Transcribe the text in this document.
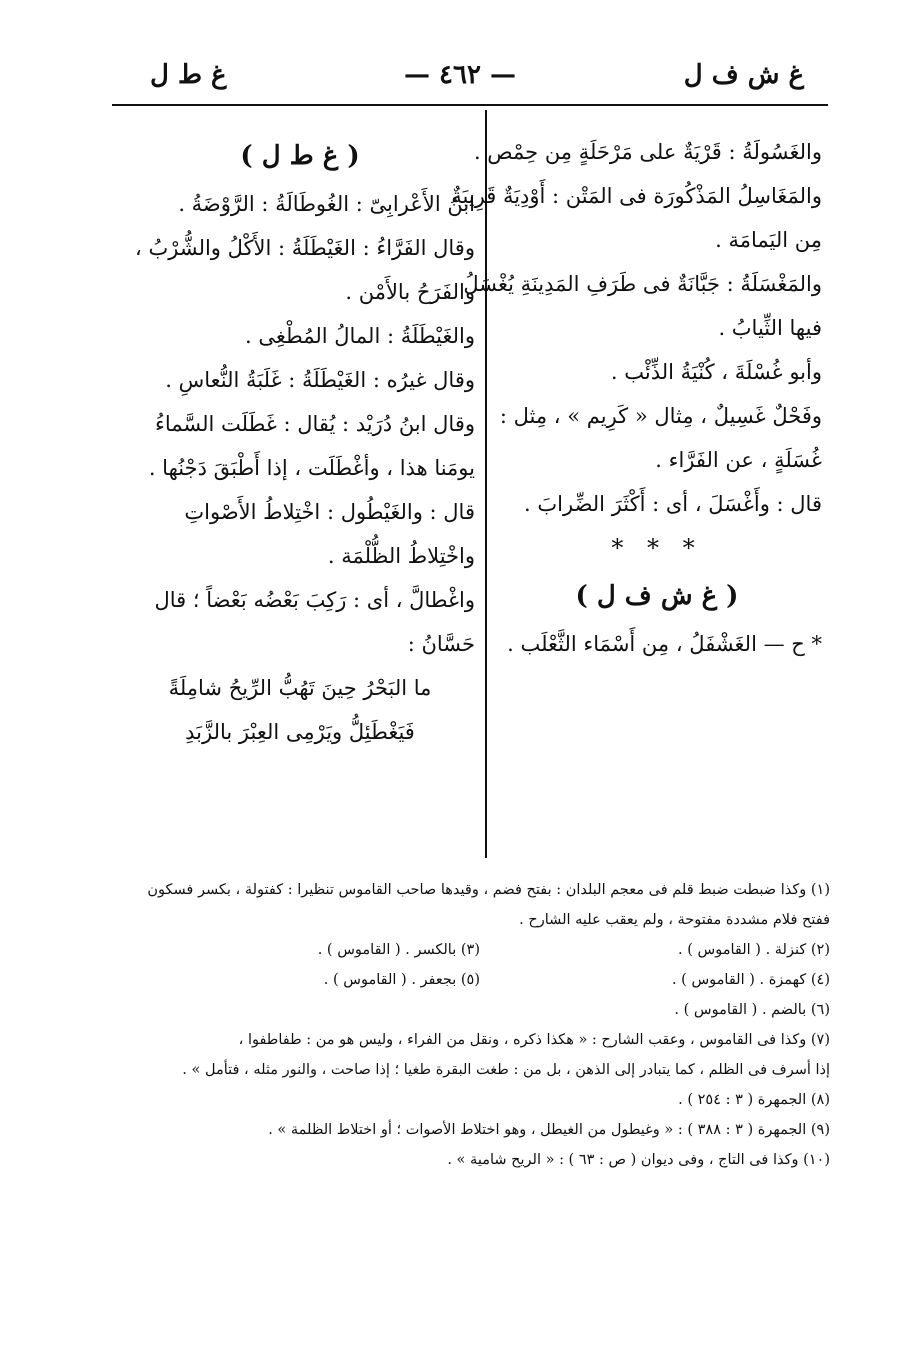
غ ش ف ل
— ٤٦٢ —
غ ط ل
والغَسُولَةُ : قَرْيَةٌ على مَرْحَلَةٍ مِن حِمْص .
والمَغَاسِلُ المَذْكُورَة فى المَتْن : أَوْدِيَةٌ قَرِيبَةٌ
مِن اليَمامَة .
والمَغْسَلَةُ : جَبَّانَةٌ فى طَرَفِ المَدِينَةِ يُغْسَلُ
فيها الثِّيابُ .
وأبو غُسْلَةَ ، كُنْيَةُ الذِّئْب .
وفَحْلٌ غَسِيلٌ ، مِثال « كَرِيم » ، مِثل :
غُسَلَةٍ ، عن الفَرَّاء .
قال : وأَغْسَلَ ، أى : أَكْثَرَ الضِّرابَ .
* * *
( غ ش ف ل )
* ح — الغَشْفَلُ ، مِن أَسْمَاء الثَّعْلَب .
( غ ط ل )
ابنُ الأَعْرابِىّ : الغُوطَالَةُ : الرَّوْضَةُ .
وقال الفَرَّاءُ : الغَيْطَلَةُ : الأَكْلُ والشُّرْبُ ،
والفَرَحُ بالأَمْن .
والغَيْطَلَةُ : المالُ المُطْغِى .
وقال غيرُه : الغَيْطَلَةُ : غَلَبَةُ النُّعاسِ .
وقال ابنُ دُرَيْد : يُقال : غَطَلَت السَّماءُ
يومَنا هذا ، وأغْطَلَت ، إذا أَطْبَقَ دَجْنُها .
قال : والغَيْطُول : اخْتِلاطُ الأَصْواتِ
واخْتِلاطُ الظُّلْمَة .
واغْطالَّ ، أى : رَكِبَ بَعْضُه بَعْضاً ؛ قال
حَسَّانُ :
ما البَحْرُ حِينَ تَهُبُّ الرِّيحُ شامِلَةً
فَيَغْطَئِلُّ ويَرْمِى العِبْرَ بالزَّبَدِ
(١) وكذا ضبطت ضبط قلم فى معجم البلدان : بفتح فضم ، وقيدها صاحب القاموس تنظيرا : كفتولة ، بكسر فسكون
ففتح فلام مشددة مفتوحة ، ولم يعقب عليه الشارح .
(٢) كنزلة . ( القاموس ) .
(٣) بالكسر . ( القاموس ) .
(٤) كهمزة . ( القاموس ) .
(٥) بجعفر . ( القاموس ) .
(٦) بالضم . ( القاموس ) .
(٧) وكذا فى القاموس ، وعقب الشارح : « هكذا ذكره ، ونقل من الفراء ، وليس هو من : طفاطفوا ،
إذا أسرف فى الظلم ، كما يتبادر إلى الذهن ، بل من : طغت البقرة طغيا ؛ إذا صاحت ، والنور مثله ، فتأمل » .
(٨) الجمهرة ( ٣ : ٢٥٤ ) .
(٩) الجمهرة ( ٣ : ٣٨٨ ) : « وغيطول من الغيطل ، وهو اختلاط الأصوات ؛ أو اختلاط الظلمة » .
(١٠) وكذا فى التاج ، وفى ديوان ( ص : ٦٣ ) : « الريح شامية » .
